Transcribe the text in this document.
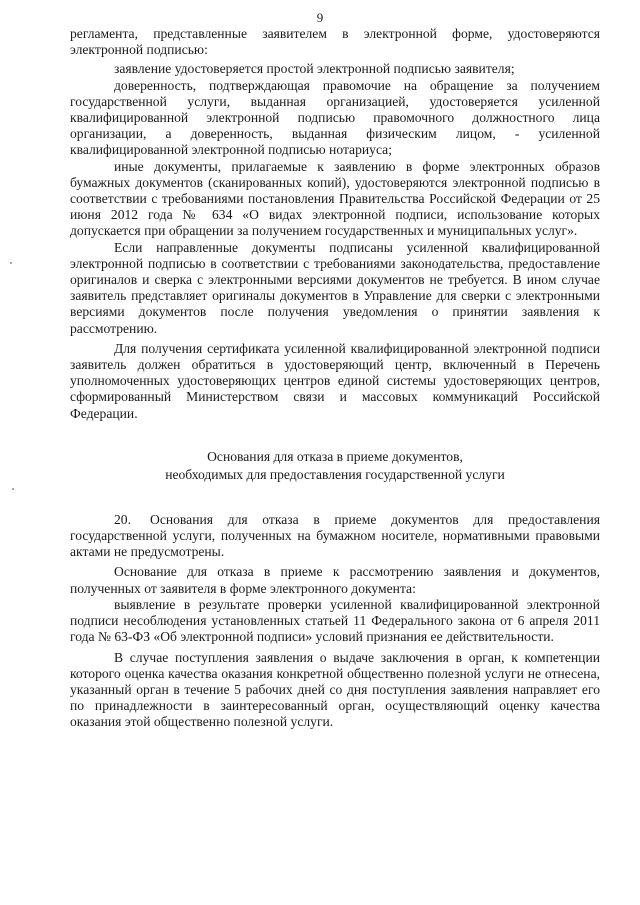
9

регламента, представленные заявителем в электронной форме, удостоверяются электронной подписью:

заявление удостоверяется простой электронной подписью заявителя;

доверенность, подтверждающая правомочие на обращение за получением государственной услуги, выданная организацией, удостоверяется усиленной квалифицированной электронной подписью правомочного должностного лица организации, а доверенность, выданная физическим лицом, - усиленной квалифицированной электронной подписью нотариуса;

иные документы, прилагаемые к заявлению в форме электронных образов бумажных документов (сканированных копий), удостоверяются электронной подписью в соответствии с требованиями постановления Правительства Российской Федерации от 25 июня 2012 года № 634 «О видах электронной подписи, использование которых допускается при обращении за получением государственных и муниципальных услуг».

Если направленные документы подписаны усиленной квалифицированной электронной подписью в соответствии с требованиями законодательства, предоставление оригиналов и сверка с электронными версиями документов не требуется. В ином случае заявитель представляет оригиналы документов в Управление для сверки с электронными версиями документов после получения уведомления о принятии заявления к рассмотрению.

Для получения сертификата усиленной квалифицированной электронной подписи заявитель должен обратиться в удостоверяющий центр, включенный в Перечень уполномоченных удостоверяющих центров единой системы удостоверяющих центров, сформированный Министерством связи и массовых коммуникаций Российской Федерации.

Основания для отказа в приеме документов,
необходимых для предоставления государственной услуги

20. Основания для отказа в приеме документов для предоставления государственной услуги, полученных на бумажном носителе, нормативными правовыми актами не предусмотрены.

Основание для отказа в приеме к рассмотрению заявления и документов, полученных от заявителя в форме электронного документа:

выявление в результате проверки усиленной квалифицированной электронной подписи несоблюдения установленных статьей 11 Федерального закона от 6 апреля 2011 года № 63-ФЗ «Об электронной подписи» условий признания ее действительности.

В случае поступления заявления о выдаче заключения в орган, к компетенции которого оценка качества оказания конкретной общественно полезной услуги не отнесена, указанный орган в течение 5 рабочих дней со дня поступления заявления направляет его по принадлежности в заинтересованный орган, осуществляющий оценку качества оказания этой общественно полезной услуги.
